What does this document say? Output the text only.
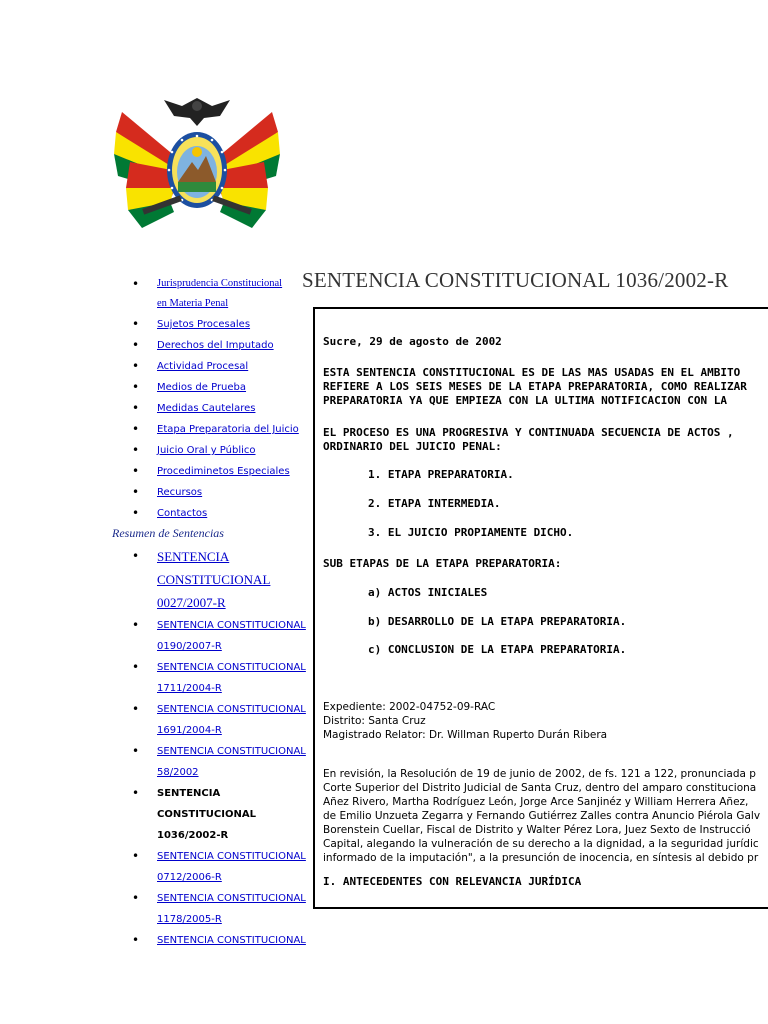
• Jurisprudencia Constitucional
en Materia Penal
• Sujetos Procesales
• Derechos del Imputado
• Actividad Procesal
• Medios de Prueba
• Medidas Cautelares
• Etapa Preparatoria del Juicio
• Juicio Oral y Público
• Procediminetos Especiales
• Recursos
• Contactos
Resumen de Sentencias
• SENTENCIA
CONSTITUCIONAL
0027/2007-R
• SENTENCIA CONSTITUCIONAL
0190/2007-R
• SENTENCIA CONSTITUCIONAL
1711/2004-R
• SENTENCIA CONSTITUCIONAL
1691/2004-R
• SENTENCIA CONSTITUCIONAL
58/2002
• SENTENCIA CONSTITUCIONAL
1036/2002-R
• SENTENCIA CONSTITUCIONAL
0712/2006-R
• SENTENCIA CONSTITUCIONAL
1178/2005-R
• SENTENCIA CONSTITUCIONAL
SENTENCIA CONSTITUCIONAL 1036/2002-R
Sucre, 29 de agosto de 2002
ESTA SENTENCIA CONSTITUCIONAL ES DE LAS MAS USADAS EN EL AMBITO
REFIERE A LOS SEIS MESES DE LA ETAPA PREPARATORIA, COMO REALIZAR
PREPARATORIA YA QUE EMPIEZA CON LA ULTIMA NOTIFICACION CON LA
EL PROCESO ES UNA PROGRESIVA Y CONTINUADA SECUENCIA DE ACTOS ,
ORDINARIO DEL JUICIO PENAL:
1. ETAPA PREPARATORIA.
2. ETAPA INTERMEDIA.
3. EL JUICIO PROPIAMENTE DICHO.
SUB ETAPAS DE LA ETAPA PREPARATORIA:
a) ACTOS INICIALES
b) DESARROLLO DE LA ETAPA PREPARATORIA.
c) CONCLUSION DE LA ETAPA PREPARATORIA.
Expediente: 2002-04752-09-RAC
Distrito: Santa Cruz
Magistrado Relator: Dr. Willman Ruperto Durán Ribera
En revisión, la Resolución de 19 de junio de 2002, de fs. 121 a 122, pronunciada p
Corte Superior del Distrito Judicial de Santa Cruz, dentro del amparo constituciona
Añez Rivero, Martha Rodríguez León, Jorge Arce Sanjinéz y William Herrera Añez,
de Emilio Unzueta Zegarra y Fernando Gutiérrez Zalles contra Anuncio Piérola Galv
Borenstein Cuellar, Fiscal de Distrito y Walter Pérez Lora, Juez Sexto de Instrucció
Capital, alegando la vulneración de su derecho a la dignidad, a la seguridad jurídic
informado de la imputación", a la presunción de inocencia, en síntesis al debido pr
I. ANTECEDENTES CON RELEVANCIA JURÍDICA
